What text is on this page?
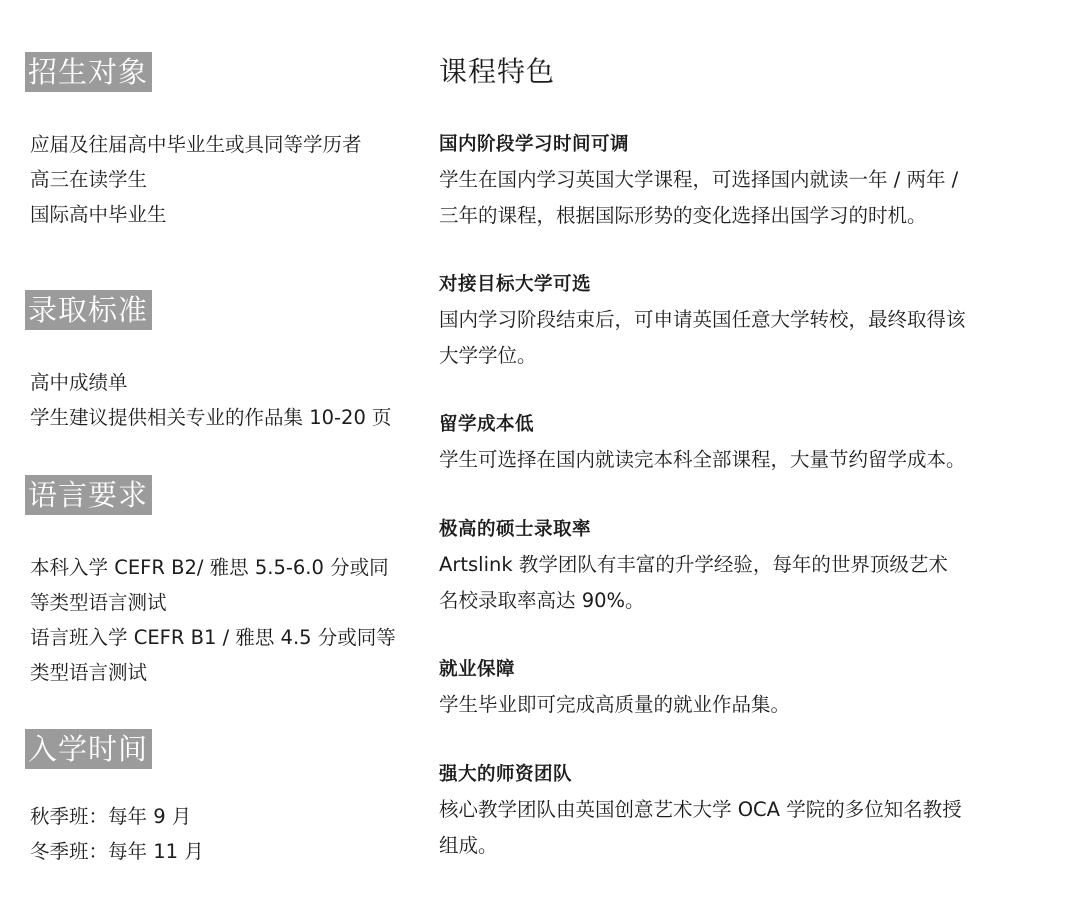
招生对象
应届及往届高中毕业生或具同等学历者
高三在读学生
国际高中毕业生
录取标准
高中成绩单
学生建议提供相关专业的作品集 10-20 页
语言要求
本科入学 CEFR B2/ 雅思 5.5-6.0 分或同
等类型语言测试
语言班入学 CEFR B1 / 雅思 4.5 分或同等
类型语言测试
入学时间
秋季班：每年 9 月
冬季班：每年 11 月
课程特色
国内阶段学习时间可调
学生在国内学习英国大学课程，可选择国内就读一年 / 两年 /
三年的课程，根据国际形势的变化选择出国学习的时机。
对接目标大学可选
国内学习阶段结束后，可申请英国任意大学转校，最终取得该
大学学位。
留学成本低
学生可选择在国内就读完本科全部课程，大量节约留学成本。
极高的硕士录取率
Artslink 教学团队有丰富的升学经验，每年的世界顶级艺术
名校录取率高达 90%。
就业保障
学生毕业即可完成高质量的就业作品集。
强大的师资团队
核心教学团队由英国创意艺术大学 OCA 学院的多位知名教授
组成。
